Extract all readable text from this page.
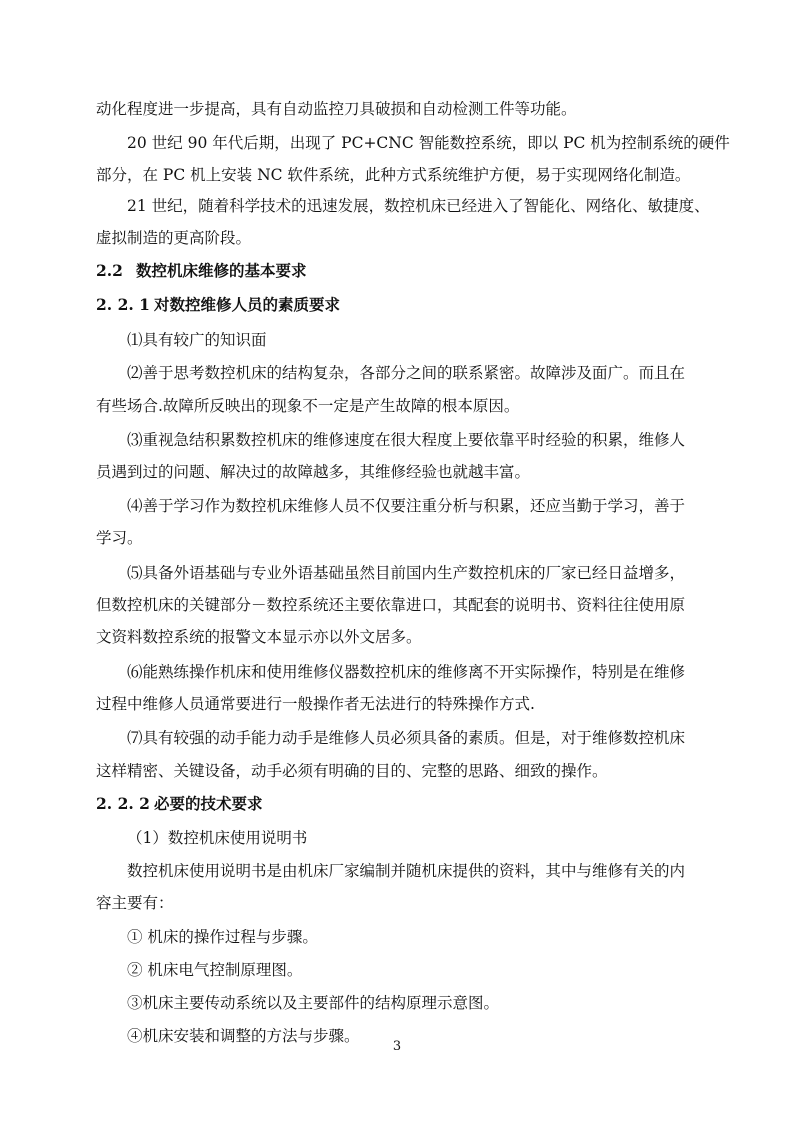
动化程度进一步提高，具有自动监控刀具破损和自动检测工件等功能。

20 世纪 90 年代后期，出现了 PC+CNC 智能数控系统，即以 PC 机为控制系统的硬件

部分，在 PC 机上安装 NC 软件系统，此种方式系统维护方便，易于实现网络化制造。

21 世纪，随着科学技术的迅速发展，数控机床已经进入了智能化、网络化、敏捷度、

虚拟制造的更高阶段。

2.2 数控机床维修的基本要求
2. 2. 1 对数控维修人员的素质要求

⑴具有较广的知识面

⑵善于思考数控机床的结构复杂，各部分之间的联系紧密。故障涉及面广。而且在

有些场合.故障所反映出的现象不一定是产生故障的根本原因。

⑶重视急结积累数控机床的维修速度在很大程度上要依靠平时经验的积累，维修人

员遇到过的问题、解决过的故障越多，其维修经验也就越丰富。

⑷善于学习作为数控机床维修人员不仅要注重分析与积累，还应当勤于学习，善于

学习。

⑸具备外语基础与专业外语基础虽然目前国内生产数控机床的厂家已经日益增多，

但数控机床的关键部分－数控系统还主要依靠进口，其配套的说明书、资料往往使用原

文资料数控系统的报警文本显示亦以外文居多。

⑹能熟练操作机床和使用维修仪器数控机床的维修离不开实际操作，特别是在维修

过程中维修人员通常要进行一般操作者无法进行的特殊操作方式.

⑺具有较强的动手能力动手是维修人员必须具备的素质。但是，对于维修数控机床

这样精密、关键设备，动手必须有明确的目的、完整的思路、细致的操作。

2. 2. 2 必要的技术要求

（1）数控机床使用说明书

数控机床使用说明书是由机床厂家编制并随机床提供的资料，其中与维修有关的内

容主要有：

① 机床的操作过程与步骤。

② 机床电气控制原理图。

③机床主要传动系统以及主要部件的结构原理示意图。

④机床安装和调整的方法与步骤。

3
